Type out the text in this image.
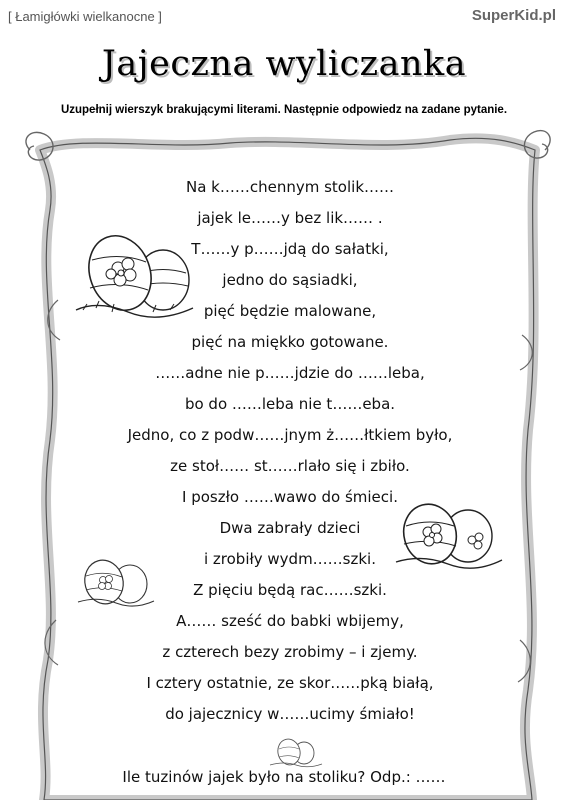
[ Łamigłówki wielkanocne ]	SuperKid.pl
Jajeczna wyliczanka
Uzupełnij wierszyk brakującymi literami. Następnie odpowiedz na zadane pytanie.
Na k……chennym stolik……
jajek le……y bez lik…… .
T……y p……jdą do sałatki,
jedno do sąsiadki,
pięć będzie malowane,
pięć na miękko gotowane.
……adne nie p……jdzie do ……leba,
bo do ……leba nie t……eba.
Jedno, co z podw……jnym ż……łtkiem było,
ze stoł…… st……rlało się i zbiło.
I poszło ……wawo do śmieci.
Dwa zabrały dzieci
i zrobiły wydm……szki.
Z pięciu będą rac……szki.
A…… sześć do babki wbijemy,
z czterech bezy zrobimy – i zjemy.
I cztery ostatnie, ze skor……pką białą,
do jajecznicy w……ucimy śmiało!
Ile tuzinów jajek było na stoliku? Odp.: ……
